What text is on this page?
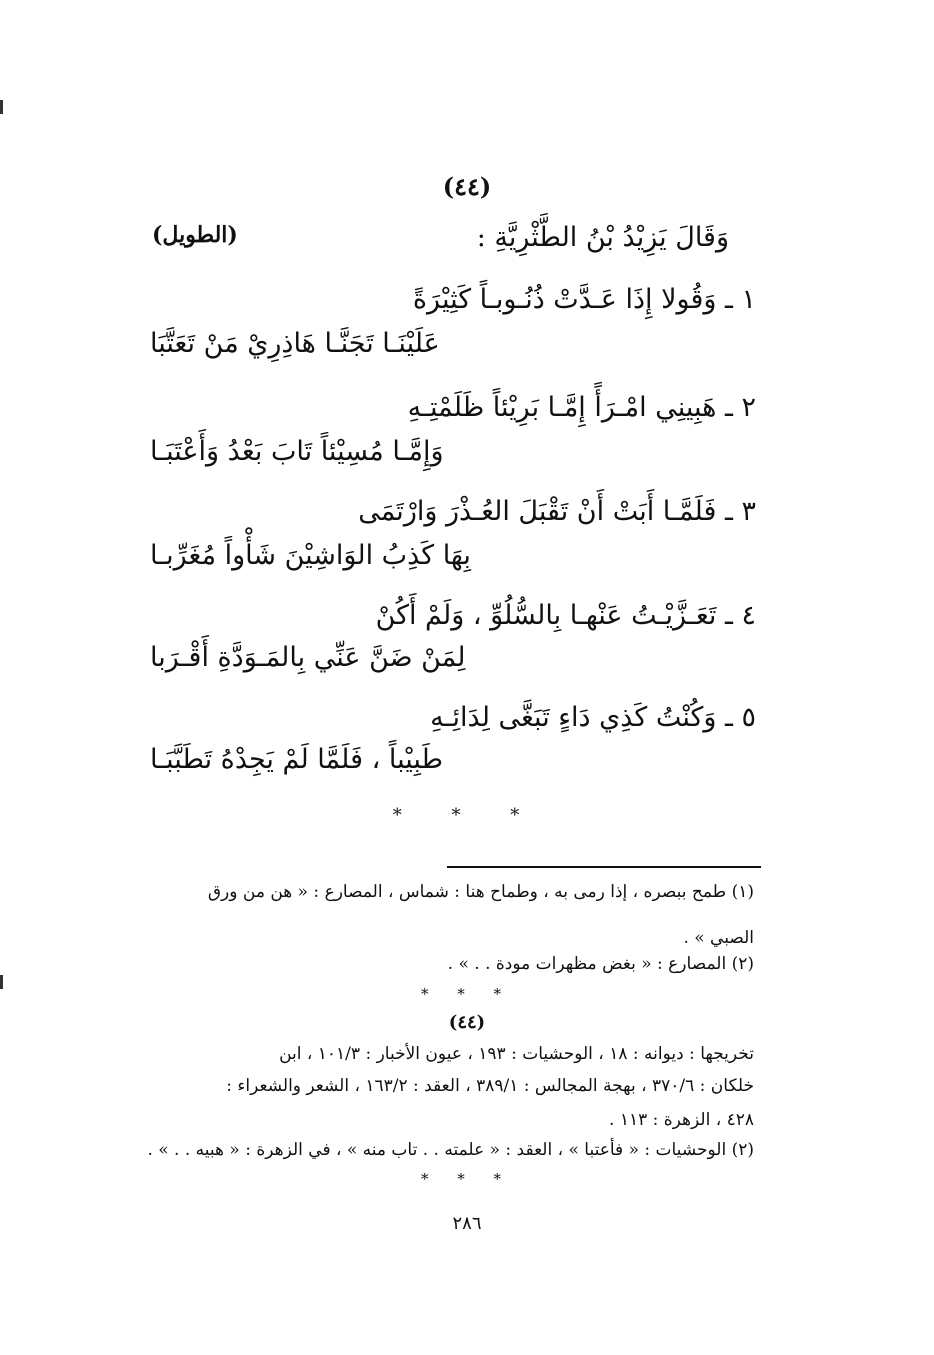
(٤٤)
وَقَالَ يَزِيْدُ بْنُ الطَّثْرِيَّةِ :
(الطويل)
١ ـ وَقُولا إِذَا عَـدَّتْ ذُنُـوبـاً كَثِيْرَةً
عَلَيْنَـا تَجَنَّـا هَاذِرِيْ مَنْ تَعَتَّبَا
٢ ـ هَبِينِي امْـرَأً إِمَّـا بَرِيْئاً ظَلَمْتِـهِ
وَإِمَّـا مُسِيْئاً تَابَ بَعْدُ وَأَعْتَبَـا
٣ ـ فَلَمَّـا أَبَتْ أَنْ تَقْبَلَ العُـذْرَ وَارْتَمَى
بِهَا كَذِبُ الوَاشِيْنَ شَأْواً مُغَرِّبـا
٤ ـ تَعَـزَّيْـتُ عَنْهـا بِالسُّلُوِّ ، وَلَمْ أَكُنْ
لِمَنْ ضَنَّ عَنِّي بِالمَـوَدَّةِ أَقْـرَبا
٥ ـ وَكُنْتُ كَذِي دَاءٍ تَبَغَّى لِدَائِـهِ
طَبِيْباً ، فَلَمَّا لَمْ يَجِدْهُ تَطَبَّبَـا
* * *
(١) طمح ببصره ، إذا رمى به ، وطماح هنا : شماس ، المصارع : « هن من ورق
الصبي » .
(٢) المصارع : « بغض مظهرات مودة . . » .
* * *
(٤٤)
تخريجها : ديوانه : ١٨ ، الوحشيات : ١٩٣ ، عيون الأخبار : ١٠١/٣ ، ابن
خلكان : ٣٧٠/٦ ، بهجة المجالس : ٣٨٩/١ ، العقد : ١٦٣/٢ ، الشعر والشعراء :
٤٢٨ ، الزهرة : ١١٣ .
(٢) الوحشيات : « فأعتبا » ، العقد : « علمته . . تاب منه » ، في الزهرة : « هبيه . . » .
* * *
٢٨٦
